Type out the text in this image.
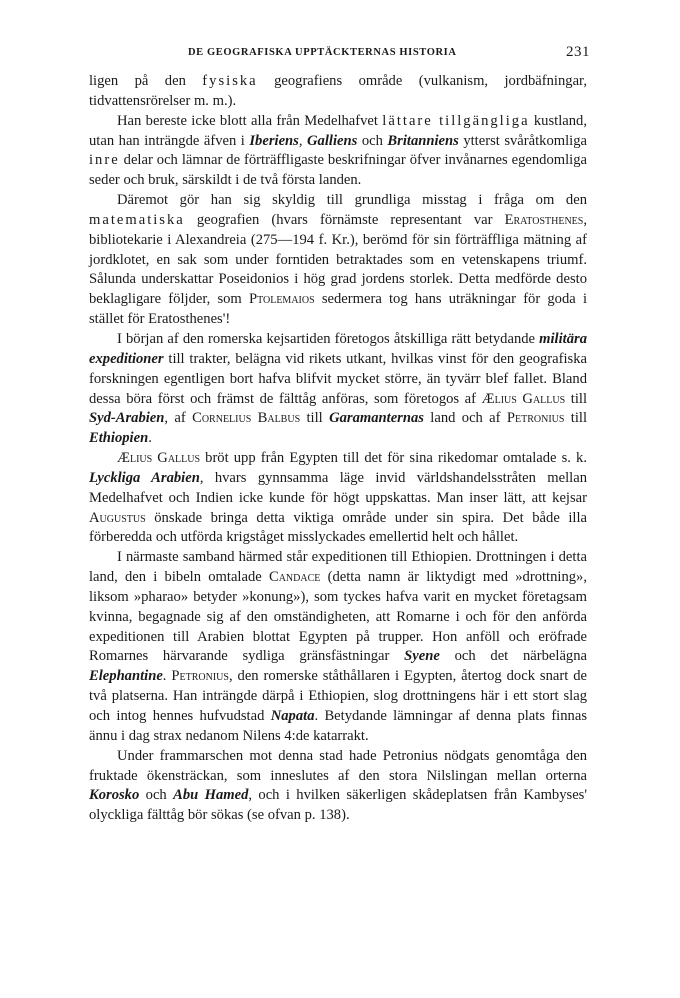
DE GEOGRAFISKA UPPTÄCKTERNAS HISTORIA	231

ligen på den fysiska geografiens område (vulkanism, jordbäfningar, tidvattensrörelser m. m.).

Han bereste icke blott alla från Medelhafvet lättare tillgängliga kustland, utan han inträngde äfven i Iberiens, Galliens och Britanniens ytterst svåråtkomliga inre delar och lämnar de förträffligaste beskrifningar öfver invånarnes egendomliga seder och bruk, särskildt i de två första landen.

Däremot gör han sig skyldig till grundliga misstag i fråga om den matematiska geografien (hvars förnämste representant var Eratosthenes, bibliotekarie i Alexandreia (275—194 f. Kr.), berömd för sin förträffliga mätning af jordklotet, en sak som under forntiden betraktades som en vetenskapens triumf. Sålunda underskattar Poseidonios i hög grad jordens storlek. Detta medförde desto beklagligare följder, som Ptolemaios sedermera tog hans uträkningar för goda i stället för Eratosthenes'!

I början af den romerska kejsartiden företogos åtskilliga rätt betydande militära expeditioner till trakter, belägna vid rikets utkant, hvilkas vinst för den geografiska forskningen egentligen bort hafva blifvit mycket större, än tyvärr blef fallet. Bland dessa böra först och främst de fälttåg anföras, som företogos af Ælius Gallus till Syd-Arabien, af Cornelius Balbus till Garamanternas land och af Petronius till Ethiopien.

Ælius Gallus bröt upp från Egypten till det för sina rikedomar omtalade s. k. Lyckliga Arabien, hvars gynnsamma läge invid världshandelsstråten mellan Medelhafvet och Indien icke kunde för högt uppskattas. Man inser lätt, att kejsar Augustus önskade bringa detta viktiga område under sin spira. Det både illa förberedda och utförda krigståget misslyckades emellertid helt och hållet.

I närmaste samband härmed står expeditionen till Ethiopien. Drottningen i detta land, den i bibeln omtalade Candace (detta namn är liktydigt med »drottning», liksom »pharao» betyder »konung»), som tyckes hafva varit en mycket företagsam kvinna, begagnade sig af den omständigheten, att Romarne i och för den anförda expeditionen till Arabien blottat Egypten på trupper. Hon anföll och eröfrade Romarnes härvarande sydliga gränsfästningar Syene och det närbelägna Elephantine. Petronius, den romerske ståthållaren i Egypten, återtog dock snart de två platserna. Han inträngde därpå i Ethiopien, slog drottningens här i ett stort slag och intog hennes hufvudstad Napata. Betydande lämningar af denna plats finnas ännu i dag strax nedanom Nilens 4:de katarrakt.

Under frammarschen mot denna stad hade Petronius nödgats genomtåga den fruktade ökensträckan, som inneslutes af den stora Nilslingan mellan orterna Korosko och Abu Hamed, och i hvilken säkerligen skådeplatsen från Kambyses' olyckliga fälttåg bör sökas (se ofvan p. 138).
